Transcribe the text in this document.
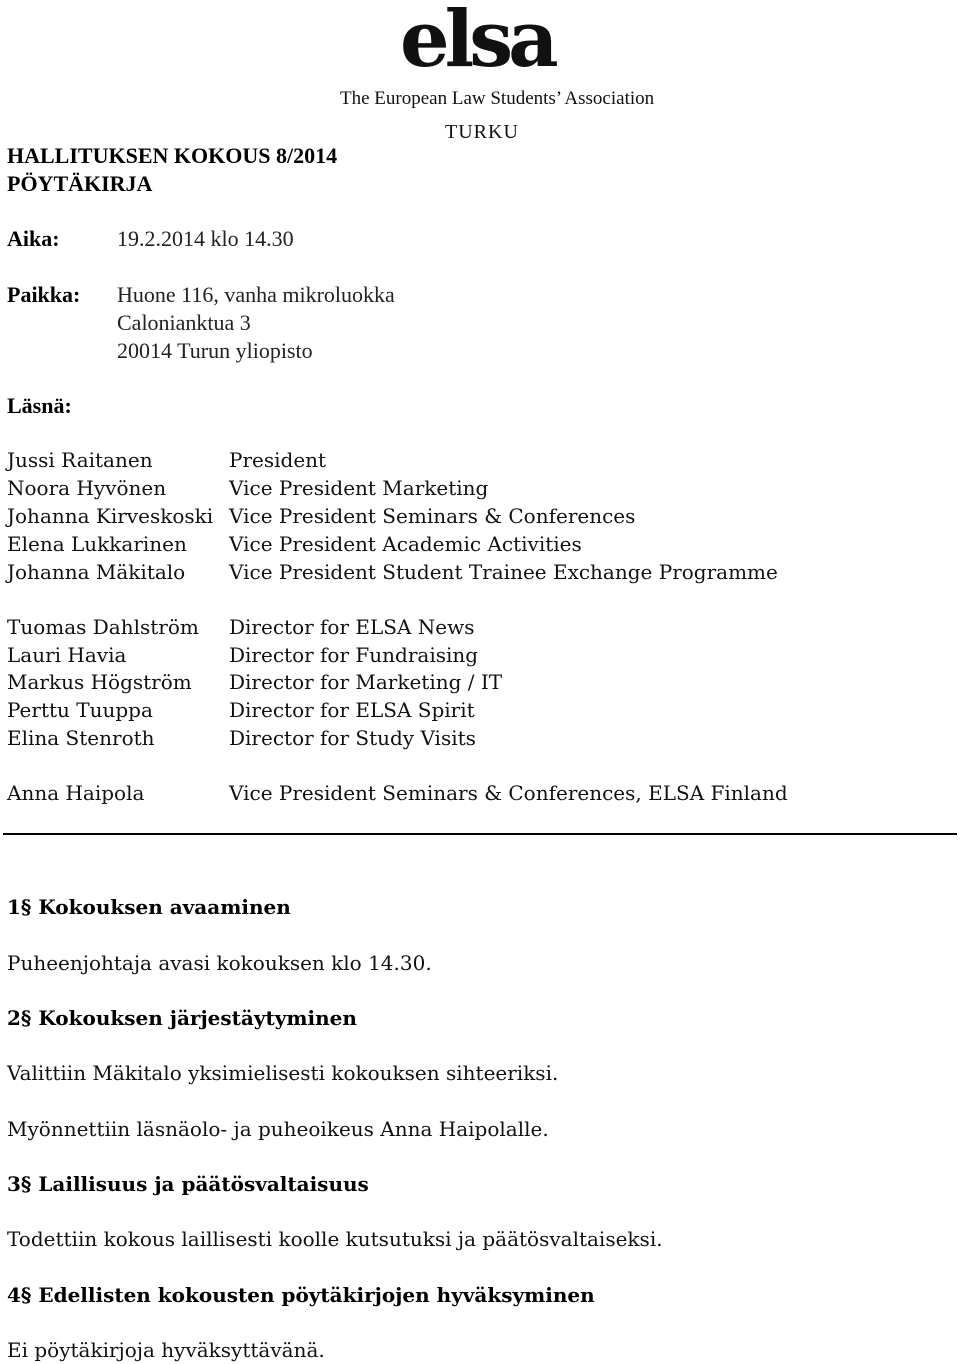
elsa
The European Law Students’ Association
TURKU
HALLITUKSEN KOKOUS 8/2014
PÖYTÄKIRJA
Aika:	19.2.2014 klo 14.30
Paikka: Huone 116, vanha mikroluokka
Calonianktua 3
20014 Turun yliopisto
Läsnä:
Jussi Raitanen	President
Noora Hyvönen	Vice President Marketing
Johanna Kirveskoski Vice President Seminars & Conferences
Elena Lukkarinen Vice President Academic Activities
Johanna Mäkitalo Vice President Student Trainee Exchange Programme
Tuomas Dahlström Director for ELSA News
Lauri Havia	Director for Fundraising
Markus Högström Director for Marketing / IT
Perttu Tuuppa	Director for ELSA Spirit
Elina Stenroth	Director for Study Visits
Anna Haipola	Vice President Seminars & Conferences, ELSA Finland
1§ Kokouksen avaaminen
Puheenjohtaja avasi kokouksen klo 14.30.
2§ Kokouksen järjestäytyminen
Valittiin Mäkitalo yksimielisesti kokouksen sihteeriksi.
Myönnettiin läsnäolo- ja puheoikeus Anna Haipolalle.
3§ Laillisuus ja päätösvaltaisuus
Todettiin kokous laillisesti koolle kutsutuksi ja päätösvaltaiseksi.
4§ Edellisten kokousten pöytäkirjojen hyväksyminen
Ei pöytäkirjoja hyväksyttävänä.
